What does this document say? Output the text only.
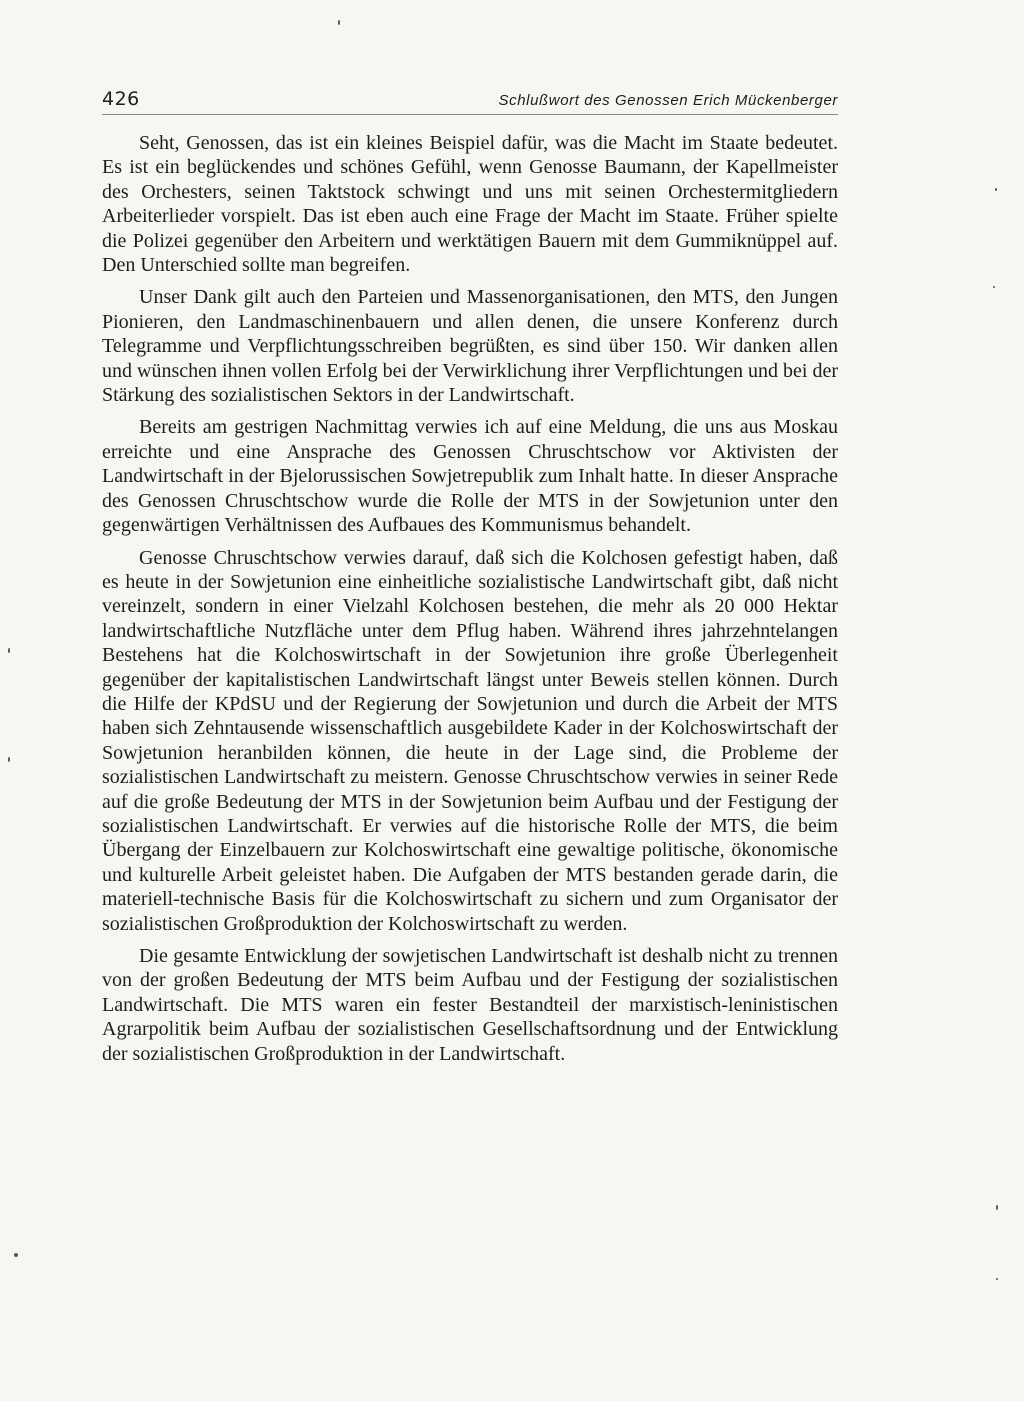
426	Schlußwort des Genossen Erich Mückenberger

Seht, Genossen, das ist ein kleines Beispiel dafür, was die Macht im Staate bedeutet. Es ist ein beglückendes und schönes Gefühl, wenn Genosse Baumann, der Kapellmeister des Orchesters, seinen Taktstock schwingt und uns mit seinen Orchestermitgliedern Arbeiterlieder vorspielt. Das ist eben auch eine Frage der Macht im Staate. Früher spielte die Polizei gegenüber den Arbeitern und werktätigen Bauern mit dem Gummiknüppel auf. Den Unterschied sollte man begreifen.

Unser Dank gilt auch den Parteien und Massenorganisationen, den MTS, den Jungen Pionieren, den Landmaschinenbauern und allen denen, die unsere Konferenz durch Telegramme und Verpflichtungsschreiben begrüßten, es sind über 150. Wir danken allen und wünschen ihnen vollen Erfolg bei der Verwirklichung ihrer Verpflichtungen und bei der Stärkung des sozialistischen Sektors in der Landwirtschaft.

Bereits am gestrigen Nachmittag verwies ich auf eine Meldung, die uns aus Moskau erreichte und eine Ansprache des Genossen Chruschtschow vor Aktivisten der Landwirtschaft in der Bjelorussischen Sowjetrepublik zum Inhalt hatte. In dieser Ansprache des Genossen Chruschtschow wurde die Rolle der MTS in der Sowjetunion unter den gegenwärtigen Verhältnissen des Aufbaues des Kommunismus behandelt.

Genosse Chruschtschow verwies darauf, daß sich die Kolchosen gefestigt haben, daß es heute in der Sowjetunion eine einheitliche sozialistische Landwirtschaft gibt, daß nicht vereinzelt, sondern in einer Vielzahl Kolchosen bestehen, die mehr als 20 000 Hektar landwirtschaftliche Nutzfläche unter dem Pflug haben. Während ihres jahrzehntelangen Bestehens hat die Kolchoswirtschaft in der Sowjetunion ihre große Überlegenheit gegenüber der kapitalistischen Landwirtschaft längst unter Beweis stellen können. Durch die Hilfe der KPdSU und der Regierung der Sowjetunion und durch die Arbeit der MTS haben sich Zehntausende wissenschaftlich ausgebildete Kader in der Kolchoswirtschaft der Sowjetunion heranbilden können, die heute in der Lage sind, die Probleme der sozialistischen Landwirtschaft zu meistern. Genosse Chruschtschow verwies in seiner Rede auf die große Bedeutung der MTS in der Sowjetunion beim Aufbau und der Festigung der sozialistischen Landwirtschaft. Er verwies auf die historische Rolle der MTS, die beim Übergang der Einzelbauern zur Kolchoswirtschaft eine gewaltige politische, ökonomische und kulturelle Arbeit geleistet haben. Die Aufgaben der MTS bestanden gerade darin, die materiell-technische Basis für die Kolchoswirtschaft zu sichern und zum Organisator der sozialistischen Großproduktion der Kolchoswirtschaft zu werden.

Die gesamte Entwicklung der sowjetischen Landwirtschaft ist deshalb nicht zu trennen von der großen Bedeutung der MTS beim Aufbau und der Festigung der sozialistischen Landwirtschaft. Die MTS waren ein fester Bestandteil der marxistisch-leninistischen Agrarpolitik beim Aufbau der sozialistischen Gesellschaftsordnung und der Entwicklung der sozialistischen Großproduktion in der Landwirtschaft.
